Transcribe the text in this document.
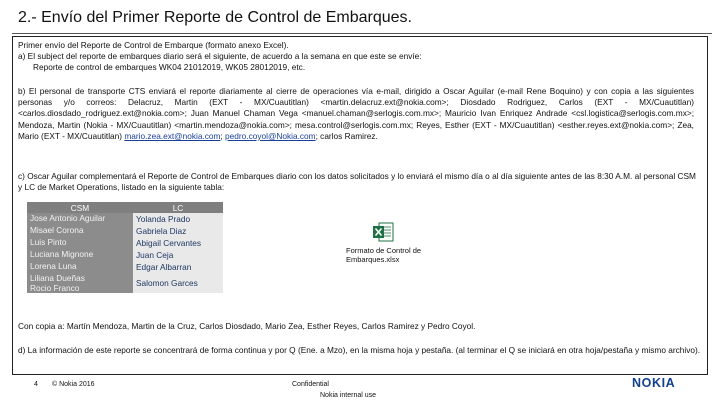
2.- Envío del Primer Reporte de Control de Embarques.
Primer envío del Reporte de Control de Embarque (formato anexo Excel).
a) El subject del reporte de embarques diario será el siguiente, de acuerdo a la semana en que este se envíe:
Reporte de control de embarques WK04 21012019, WK05 28012019, etc.
b) El personal de transporte CTS enviará el reporte diariamente al cierre de operaciones vía e-mail, dirigido a Oscar Aguilar (e-mail Rene Boquino) y con copia a las siguientes personas y/o correos: Delacruz, Martin (EXT - MX/Cuautitlan) <martin.delacruz.ext@nokia.com>; Diosdado Rodriguez, Carlos (EXT - MX/Cuautitlan) <carlos.diosdado_rodriguez.ext@nokia.com>; Juan Manuel Chaman Vega <manuel.chaman@serlogis.com.mx>; Mauricio Ivan Enriquez Andrade <csl.logistica@serlogis.com.mx>; Mendoza, Martin (Nokia - MX/Cuautitlan) <martin.mendoza@nokia.com>; mesa.control@serlogis.com.mx; Reyes, Esther (EXT - MX/Cuautitlan) <esther.reyes.ext@nokia.com>; Zea, Mario (EXT - MX/Cuautitlan) mario.zea.ext@nokia.com; pedro.coyol@Nokia.com; carlos Ramirez.
c) Oscar Aguilar complementará el Reporte de Control de Embarques diario con los datos solicitados y lo enviará el mismo día o al día siguiente antes de las 8:30 A.M. al personal CSM y LC de Market Operations, listado en la siguiente tabla:
CSM	LC
Jose Antonio Aguilar	Yolanda Prado
Misael Corona	Gabriela Diaz
Luis Pinto	Abigail Cervantes
Luciana Mignone	Juan Ceja
Lorena Luna	Edgar Albarran

Liliana Dueñas
Rocio Franco	Salomon Garces
Formato de Control de Embarques.xlsx
Con copia a: Martín Mendoza, Martin de la Cruz, Carlos Diosdado, Mario Zea, Esther Reyes, Carlos Ramirez y Pedro Coyol.
d) La información de este reporte se concentrará de forma continua y por Q (Ene. a Mzo), en la misma hoja y pestaña. (al terminar el Q se iniciará en otra hoja/pestaña y mismo archivo).
4 © Nokia 2016	Confidential
Nokia internal use
NOKIA
